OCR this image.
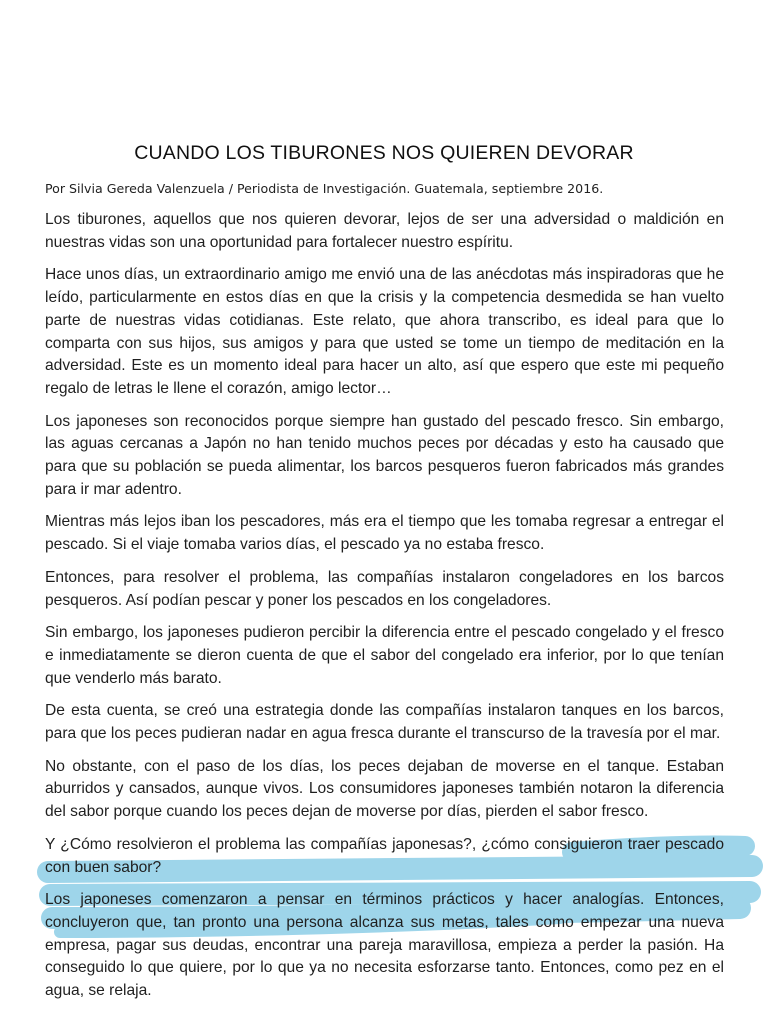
CUANDO LOS TIBURONES NOS QUIEREN DEVORAR
Por Silvia Gereda Valenzuela / Periodista de Investigación. Guatemala, septiembre 2016.

Los tiburones, aquellos que nos quieren devorar, lejos de ser una adversidad o maldición en nuestras vidas son una oportunidad para fortalecer nuestro espíritu.

Hace unos días, un extraordinario amigo me envió una de las anécdotas más inspiradoras que he leído, particularmente en estos días en que la crisis y la competencia desmedida se han vuelto parte de nuestras vidas cotidianas. Este relato, que ahora transcribo, es ideal para que lo comparta con sus hijos, sus amigos y para que usted se tome un tiempo de meditación en la adversidad. Este es un momento ideal para hacer un alto, así que espero que este mi pequeño regalo de letras le llene el corazón, amigo lector…

Los japoneses son reconocidos porque siempre han gustado del pescado fresco. Sin embargo, las aguas cercanas a Japón no han tenido muchos peces por décadas y esto ha causado que para que su población se pueda alimentar, los barcos pesqueros fueron fabricados más grandes para ir mar adentro.

Mientras más lejos iban los pescadores, más era el tiempo que les tomaba regresar a entregar el pescado. Si el viaje tomaba varios días, el pescado ya no estaba fresco.

Entonces, para resolver el problema, las compañías instalaron congeladores en los barcos pesqueros. Así podían pescar y poner los pescados en los congeladores.

Sin embargo, los japoneses pudieron percibir la diferencia entre el pescado congelado y el fresco e inmediatamente se dieron cuenta de que el sabor del congelado era inferior, por lo que tenían que venderlo más barato.

De esta cuenta, se creó una estrategia donde las compañías instalaron tanques en los barcos, para que los peces pudieran nadar en agua fresca durante el transcurso de la travesía por el mar.

No obstante, con el paso de los días, los peces dejaban de moverse en el tanque. Estaban aburridos y cansados, aunque vivos. Los consumidores japoneses también notaron la diferencia del sabor porque cuando los peces dejan de moverse por días, pierden el sabor fresco.

Y ¿Cómo resolvieron el problema las compañías japonesas?, ¿cómo consiguieron traer pescado con buen sabor?

Los japoneses comenzaron a pensar en términos prácticos y hacer analogías. Entonces, concluyeron que, tan pronto una persona alcanza sus metas, tales como empezar una nueva empresa, pagar sus deudas, encontrar una pareja maravillosa, empieza a perder la pasión. Ha conseguido lo que quiere, por lo que ya no necesita esforzarse tanto. Entonces, como pez en el agua, se relaja.
